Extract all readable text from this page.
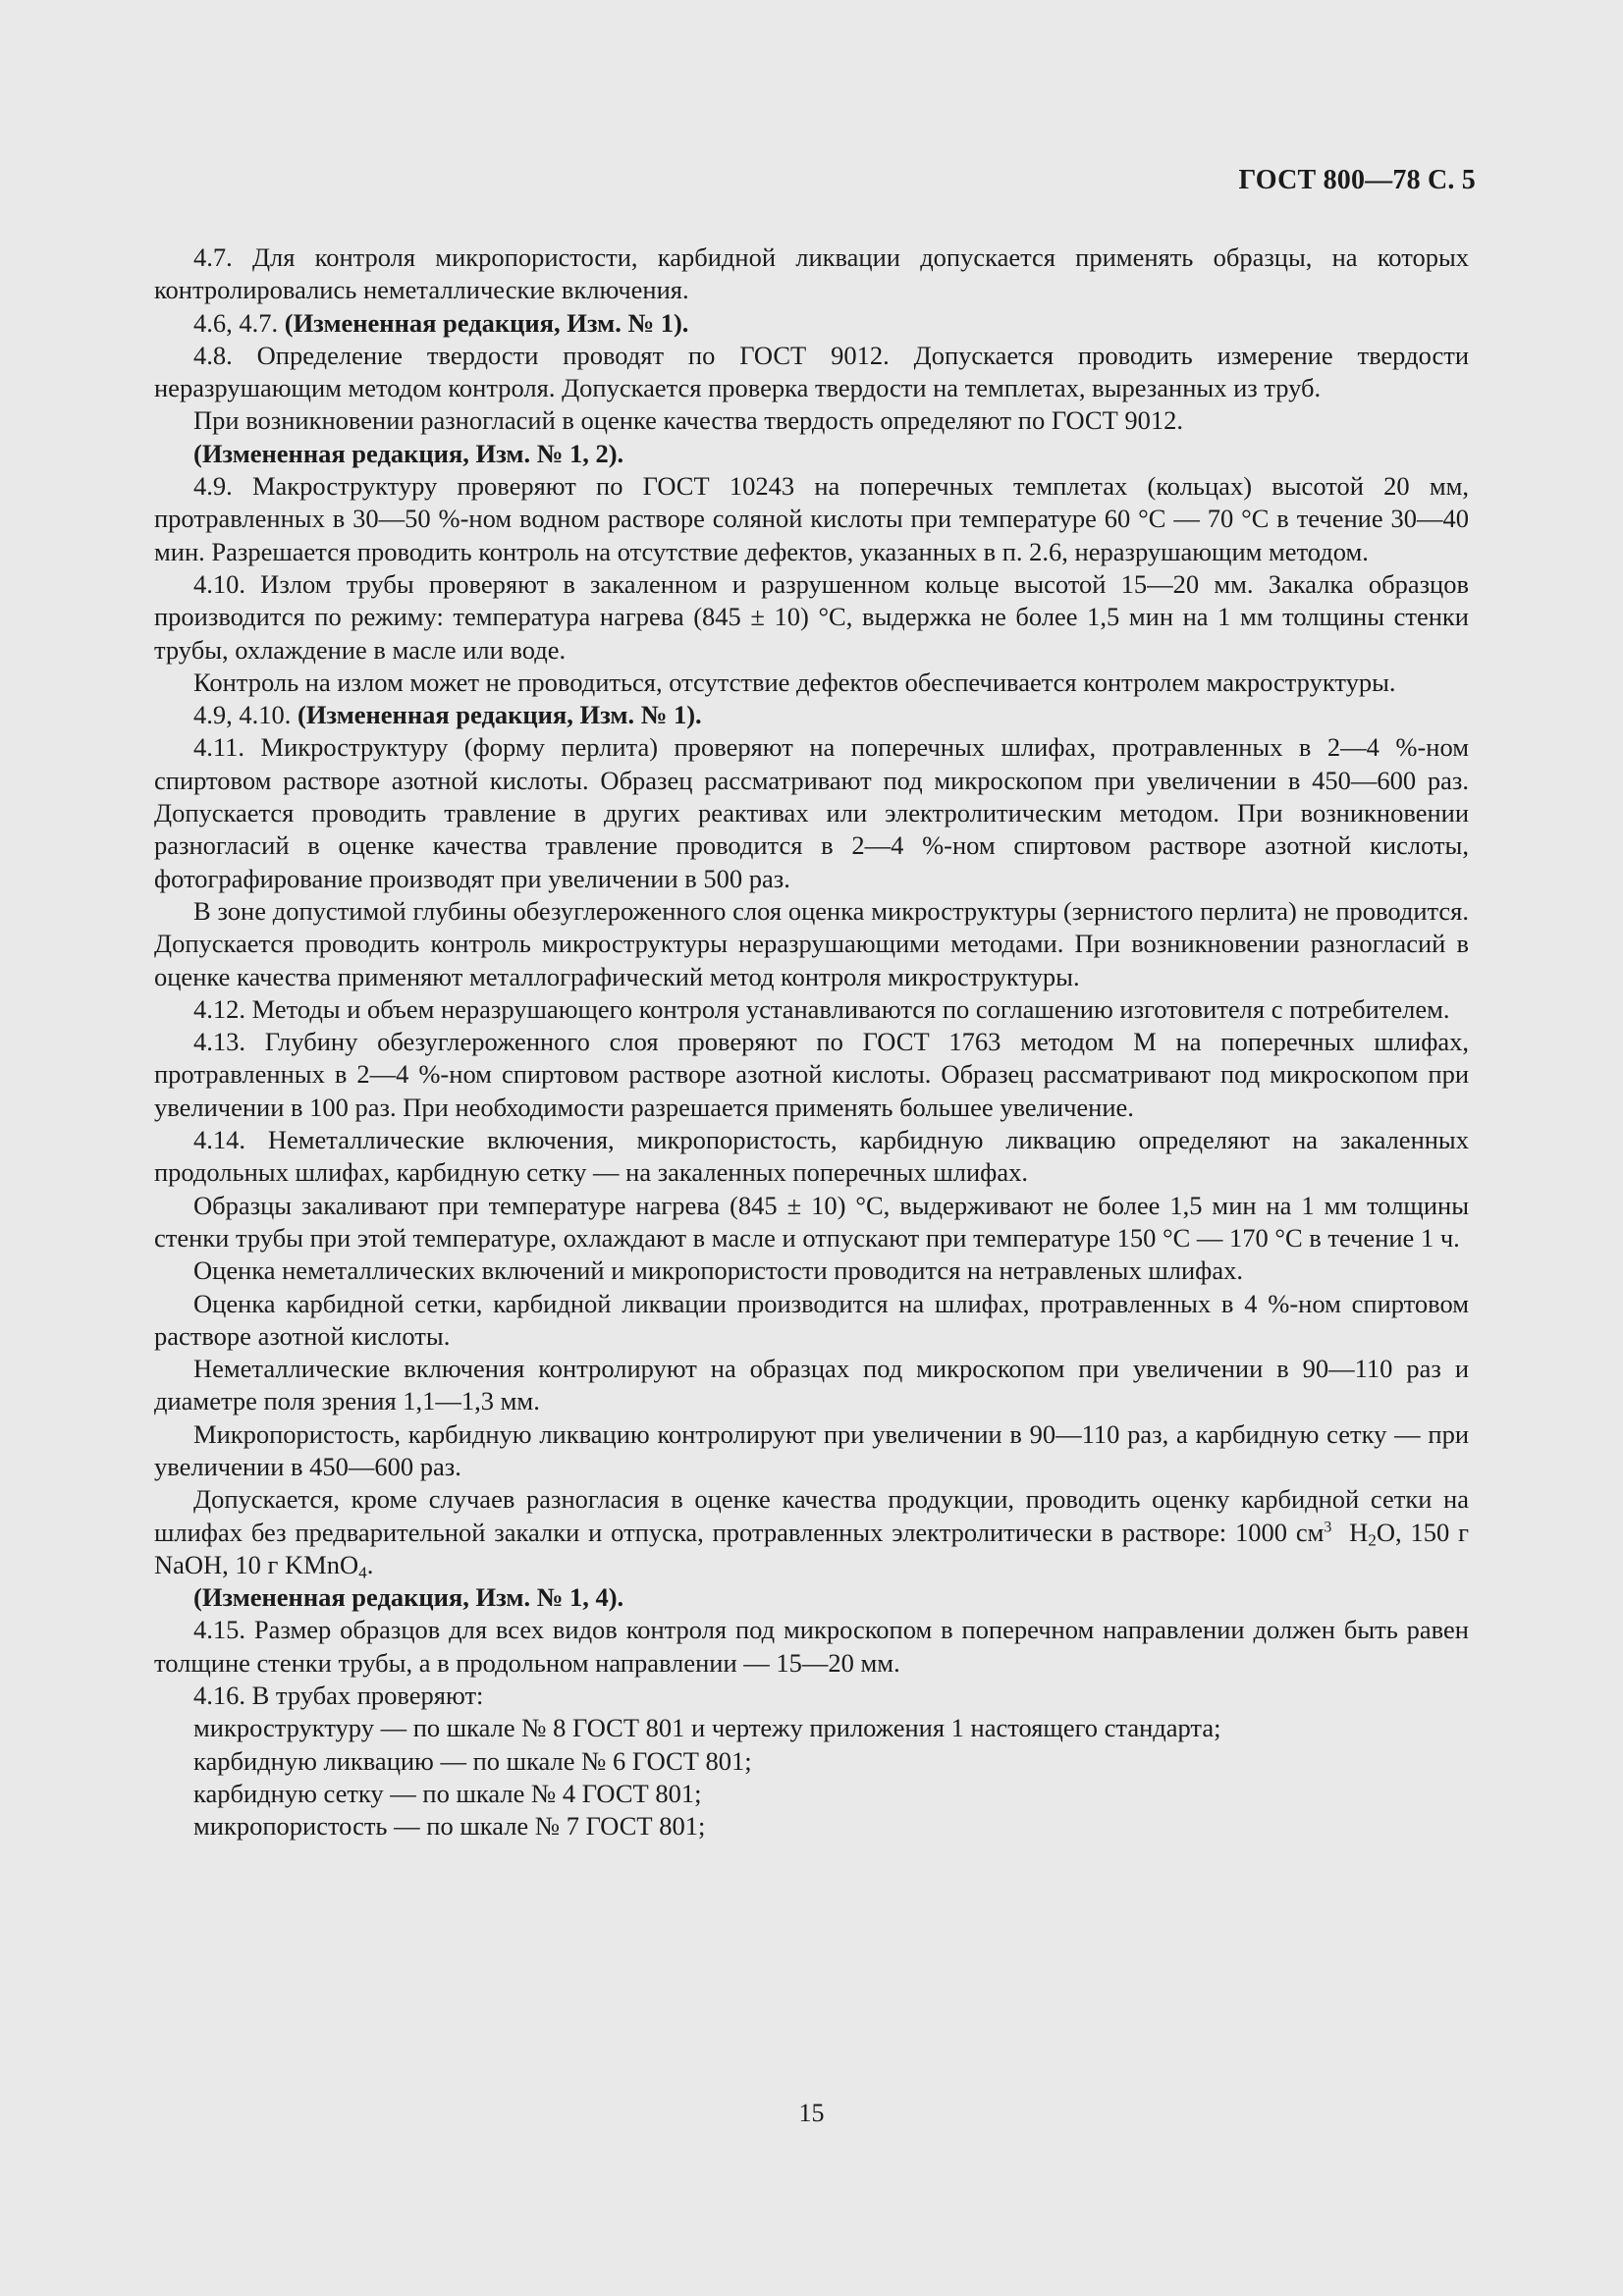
ГОСТ 800—78 С. 5

4.7. Для контроля микропористости, карбидной ликвации допускается применять образцы, на которых контролировались неметаллические включения.

4.6, 4.7. (Измененная редакция, Изм. № 1).

4.8. Определение твердости проводят по ГОСТ 9012. Допускается проводить измерение твердости неразрушающим методом контроля. Допускается проверка твердости на темплетах, вырезанных из труб.

При возникновении разногласий в оценке качества твердость определяют по ГОСТ 9012.

(Измененная редакция, Изм. № 1, 2).

4.9. Макроструктуру проверяют по ГОСТ 10243 на поперечных темплетах (кольцах) высотой 20 мм, протравленных в 30—50 %-ном водном растворе соляной кислоты при температуре 60 °С — 70 °С в течение 30—40 мин. Разрешается проводить контроль на отсутствие дефектов, указанных в п. 2.6, неразрушающим методом.

4.10. Излом трубы проверяют в закаленном и разрушенном кольце высотой 15—20 мм. Закалка образцов производится по режиму: температура нагрева (845 ± 10) °С, выдержка не более 1,5 мин на 1 мм толщины стенки трубы, охлаждение в масле или воде.

Контроль на излом может не проводиться, отсутствие дефектов обеспечивается контролем макроструктуры.

4.9, 4.10. (Измененная редакция, Изм. № 1).

4.11. Микроструктуру (форму перлита) проверяют на поперечных шлифах, протравленных в 2—4 %-ном спиртовом растворе азотной кислоты. Образец рассматривают под микроскопом при увеличении в 450—600 раз. Допускается проводить травление в других реактивах или электролитическим методом. При возникновении разногласий в оценке качества травление проводится в 2—4 %-ном спиртовом растворе азотной кислоты, фотографирование производят при увеличении в 500 раз.

В зоне допустимой глубины обезуглероженного слоя оценка микроструктуры (зернистого перлита) не проводится. Допускается проводить контроль микроструктуры неразрушающими методами. При возникновении разногласий в оценке качества применяют металлографический метод контроля микроструктуры.

4.12. Методы и объем неразрушающего контроля устанавливаются по соглашению изготовителя с потребителем.

4.13. Глубину обезуглероженного слоя проверяют по ГОСТ 1763 методом М на поперечных шлифах, протравленных в 2—4 %-ном спиртовом растворе азотной кислоты. Образец рассматривают под микроскопом при увеличении в 100 раз. При необходимости разрешается применять большее увеличение.

4.14. Неметаллические включения, микропористость, карбидную ликвацию определяют на закаленных продольных шлифах, карбидную сетку — на закаленных поперечных шлифах.

Образцы закаливают при температуре нагрева (845 ± 10) °С, выдерживают не более 1,5 мин на 1 мм толщины стенки трубы при этой температуре, охлаждают в масле и отпускают при температуре 150 °С — 170 °С в течение 1 ч.

Оценка неметаллических включений и микропористости проводится на нетравленых шлифах.

Оценка карбидной сетки, карбидной ликвации производится на шлифах, протравленных в 4 %-ном спиртовом растворе азотной кислоты.

Неметаллические включения контролируют на образцах под микроскопом при увеличении в 90—110 раз и диаметре поля зрения 1,1—1,3 мм.

Микропористость, карбидную ликвацию контролируют при увеличении в 90—110 раз, а карбидную сетку — при увеличении в 450—600 раз.

Допускается, кроме случаев разногласия в оценке качества продукции, проводить оценку карбидной сетки на шлифах без предварительной закалки и отпуска, протравленных электролитически в растворе: 1000 $см^3$ $H_2O$, 150 г NaOH, 10 г KMnO$_4$.

(Измененная редакция, Изм. № 1, 4).

4.15. Размер образцов для всех видов контроля под микроскопом в поперечном направлении должен быть равен толщине стенки трубы, а в продольном направлении — 15—20 мм.

4.16. В трубах проверяют:

микроструктуру — по шкале № 8 ГОСТ 801 и чертежу приложения 1 настоящего стандарта;

карбидную ликвацию — по шкале № 6 ГОСТ 801;

карбидную сетку — по шкале № 4 ГОСТ 801;

микропористость — по шкале № 7 ГОСТ 801;

15
